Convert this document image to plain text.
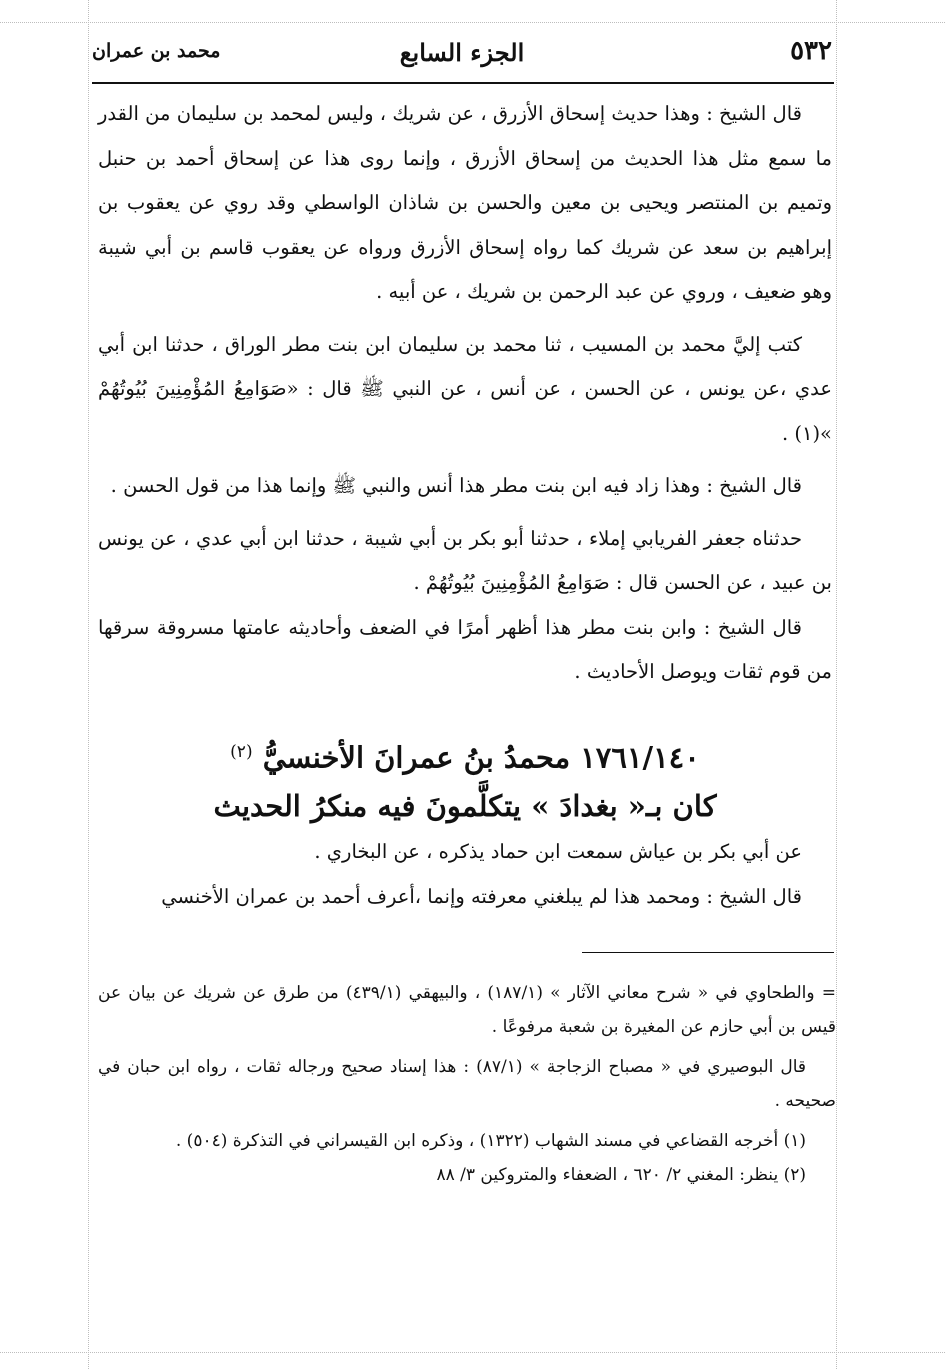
٥٣٢
الجزء السابع
محمد بن عمران

قال الشيخ : وهذا حديث إسحاق الأزرق ، عن شريك ، وليس لمحمد بن سليمان من القدر ما سمع مثل هذا الحديث من إسحاق الأزرق ، وإنما روى هذا عن إسحاق أحمد بن حنبل وتميم بن المنتصر ويحيى بن معين والحسن بن شاذان الواسطي وقد روي عن يعقوب بن إبراهيم بن سعد عن شريك كما رواه إسحاق الأزرق ورواه عن يعقوب قاسم بن أبي شيبة وهو ضعيف ، وروي عن عبد الرحمن بن شريك ، عن أبيه .

كتب إليَّ محمد بن المسيب ، ثنا محمد بن سليمان ابن بنت مطر الوراق ، حدثنا ابن أبي عدي ،عن يونس ، عن الحسن ، عن أنس ، عن النبي ﷺ قال : «صَوَامِعُ المُؤْمِنِينَ بُيُوتُهُمْ »(١) .

قال الشيخ : وهذا زاد فيه ابن بنت مطر هذا أنس والنبي ﷺ وإنما هذا من قول الحسن .

حدثناه جعفر الفريابي إملاء ، حدثنا أبو بكر بن أبي شيبة ، حدثنا ابن أبي عدي ، عن يونس بن عبيد ، عن الحسن قال : صَوَامِعُ المُؤْمِنِينَ بُيُوتُهُمْ .

قال الشيخ : وابن بنت مطر هذا أظهر أمرًا في الضعف وأحاديثه عامتها مسروقة سرقها من قوم ثقات ويوصل الأحاديث .

١٧٦١/١٤٠ محمدُ بنُ عمرانَ الأخنسيُّ $^{(٢)}$
كان بـ« بغدادَ » يتكلَّمونَ فيه منكرُ الحديث

عن أبي بكر بن عياش سمعت ابن حماد يذكره ، عن البخاري .

قال الشيخ : ومحمد هذا لم يبلغني معرفته وإنما ،أعرف أحمد بن عمران الأخنسي

= والطحاوي في « شرح معاني الآثار » (١٨٧/١) ، والبيهقي (٤٣٩/١) من طرق عن شريك عن بيان عن قيس بن أبي حازم عن المغيرة بن شعبة مرفوعًا .

قال البوصيري في « مصباح الزجاجة » (٨٧/١) : هذا إسناد صحيح ورجاله ثقات ، رواه ابن حبان في صحيحه .

(١) أخرجه القضاعي في مسند الشهاب (١٣٢٢) ، وذكره ابن القيسراني في التذكرة (٥٠٤) .

(٢) ينظر: المغني ٢/ ٦٢٠ ، الضعفاء والمتروكين ٣/ ٨٨
